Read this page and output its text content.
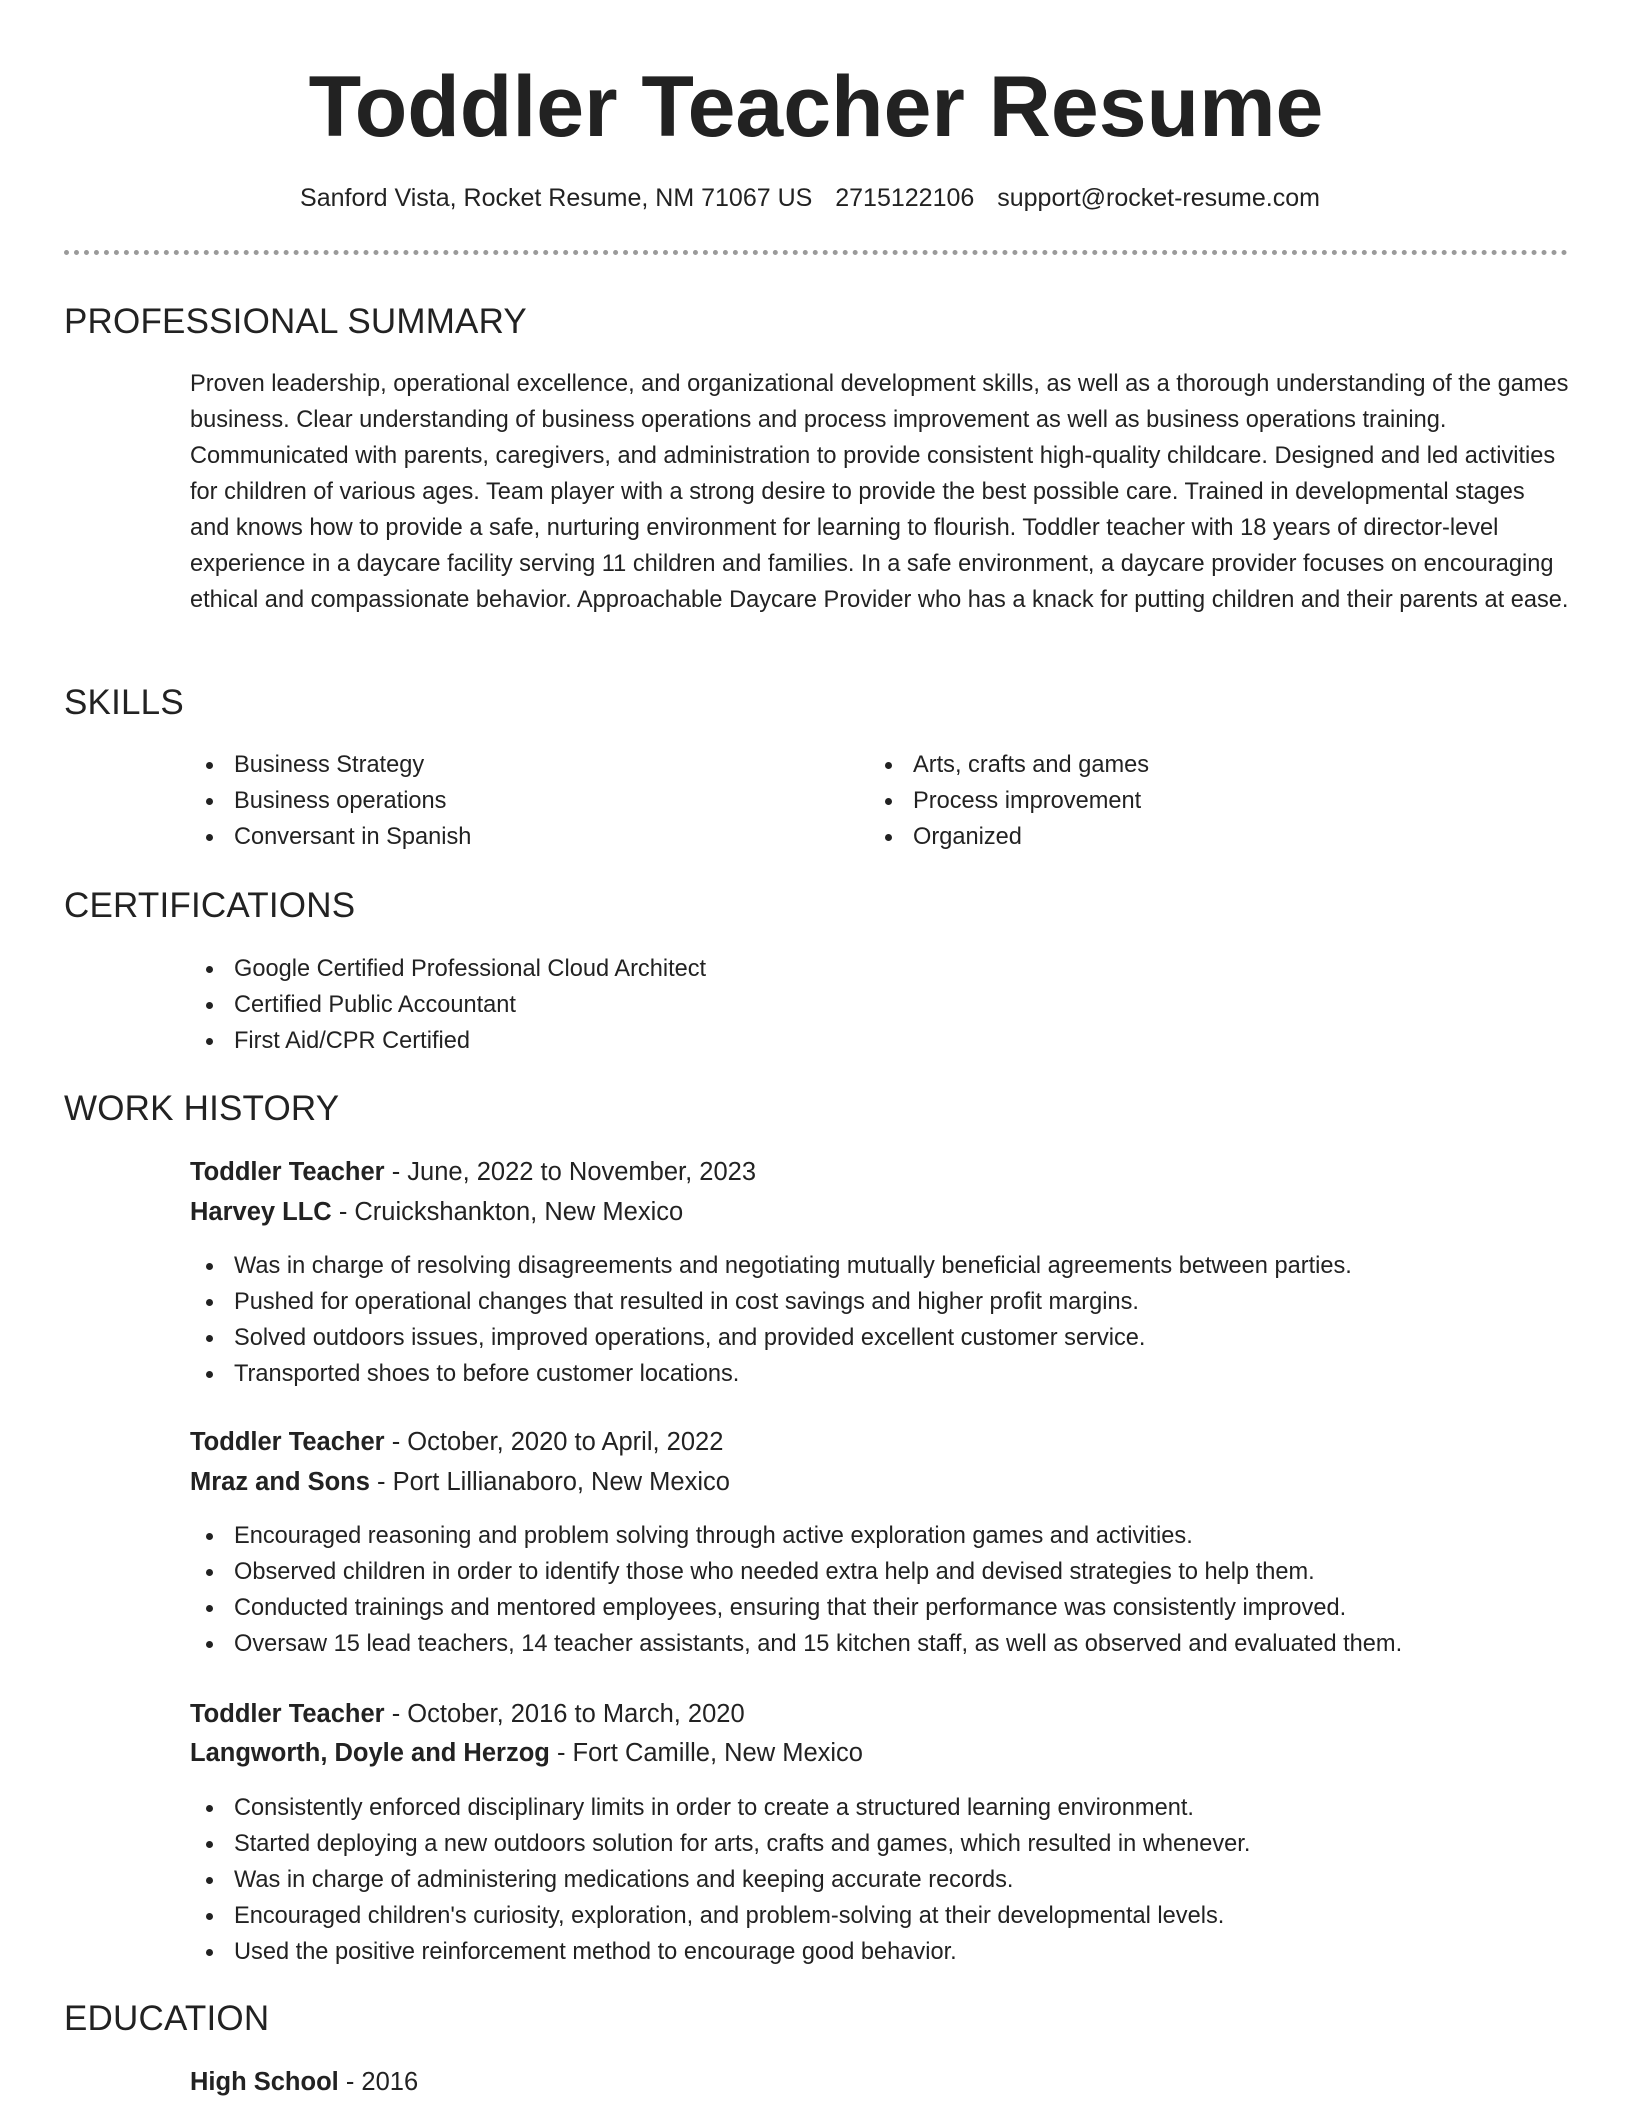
Toddler Teacher Resume
Sanford Vista, Rocket Resume, NM 71067 US 2715122106 support@rocket-resume.com
PROFESSIONAL SUMMARY

Proven leadership, operational excellence, and organizational development skills, as well as a thorough understanding of the games business. Clear understanding of business operations and process improvement as well as business operations training. Communicated with parents, caregivers, and administration to provide consistent high-quality childcare. Designed and led activities for children of various ages. Team player with a strong desire to provide the best possible care. Trained in developmental stages and knows how to provide a safe, nurturing environment for learning to flourish. Toddler teacher with 18 years of director-level experience in a daycare facility serving 11 children and families. In a safe environment, a daycare provider focuses on encouraging ethical and compassionate behavior. Approachable Daycare Provider who has a knack for putting children and their parents at ease.

SKILLS
Business Strategy
Business operations
Conversant in Spanish
Arts, crafts and games
Process improvement
Organized
CERTIFICATIONS
Google Certified Professional Cloud Architect
Certified Public Accountant
First Aid/CPR Certified
WORK HISTORY
Toddler Teacher - June, 2022 to November, 2023
Harvey LLC - Cruickshankton, New Mexico
Was in charge of resolving disagreements and negotiating mutually beneficial agreements between parties.
Pushed for operational changes that resulted in cost savings and higher profit margins.
Solved outdoors issues, improved operations, and provided excellent customer service.
Transported shoes to before customer locations.
Toddler Teacher - October, 2020 to April, 2022
Mraz and Sons - Port Lillianaboro, New Mexico
Encouraged reasoning and problem solving through active exploration games and activities.
Observed children in order to identify those who needed extra help and devised strategies to help them.
Conducted trainings and mentored employees, ensuring that their performance was consistently improved.
Oversaw 15 lead teachers, 14 teacher assistants, and 15 kitchen staff, as well as observed and evaluated them.
Toddler Teacher - October, 2016 to March, 2020
Langworth, Doyle and Herzog - Fort Camille, New Mexico
Consistently enforced disciplinary limits in order to create a structured learning environment.
Started deploying a new outdoors solution for arts, crafts and games, which resulted in whenever.
Was in charge of administering medications and keeping accurate records.
Encouraged children's curiosity, exploration, and problem-solving at their developmental levels.
Used the positive reinforcement method to encourage good behavior.
EDUCATION
High School - 2016
